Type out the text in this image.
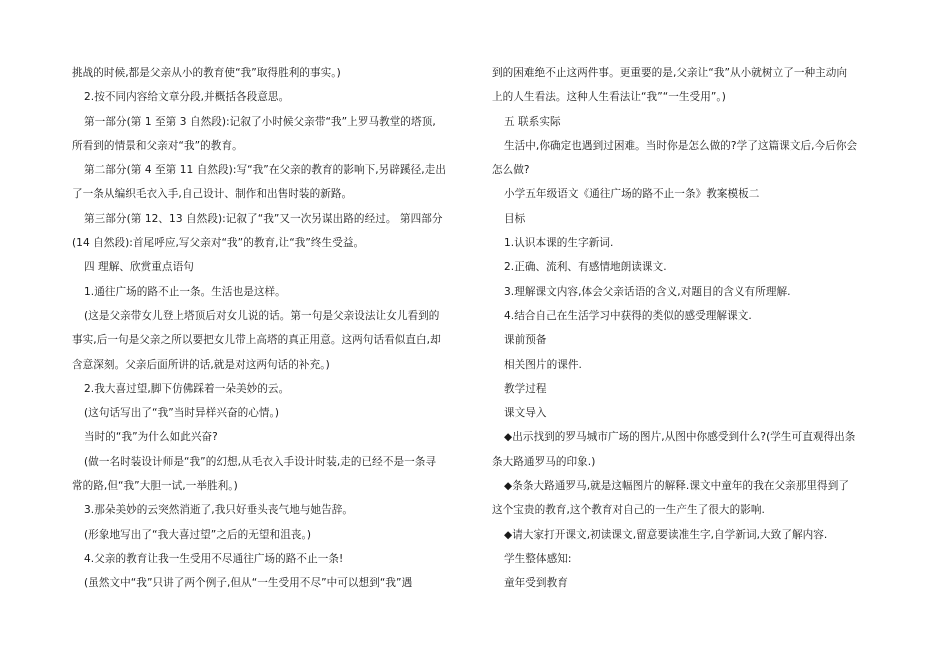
挑战的时候,都是父亲从小的教育使“我”取得胜利的事实。)
2.按不同内容给文章分段,并概括各段意思。
第一部分(第 1 至第 3 自然段):记叙了小时候父亲带“我”上罗马教堂的塔顶,
所看到的情景和父亲对“我”的教育。
第二部分(第 4 至第 11 自然段):写“我”在父亲的教育的影响下,另辟蹊径,走出
了一条从编织毛衣入手,自己设计、制作和出售时装的新路。
第三部分(第 12、13 自然段):记叙了“我”又一次另谋出路的经过。 第四部分
(14 自然段):首尾呼应,写父亲对“我”的教育,让“我”终生受益。
四 理解、欣赏重点语句
1.通往广场的路不止一条。生活也是这样。
(这是父亲带女儿登上塔顶后对女儿说的话。第一句是父亲设法让女儿看到的
事实,后一句是父亲之所以要把女儿带上高塔的真正用意。这两句话看似直白,却
含意深刻。父亲后面所讲的话,就是对这两句话的补充。)
2.我大喜过望,脚下仿佛踩着一朵美妙的云。
(这句话写出了“我”当时异样兴奋的心情。)
当时的“我”为什么如此兴奋?
(做一名时装设计师是“我”的幻想,从毛衣入手设计时装,走的已经不是一条寻
常的路,但“我”大胆一试,一举胜利。)
3.那朵美妙的云突然消逝了,我只好垂头丧气地与她告辞。
(形象地写出了“我大喜过望”之后的无望和沮丧。)
4.父亲的教育让我一生受用不尽通往广场的路不止一条!
(虽然文中“我”只讲了两个例子,但从“一生受用不尽”中可以想到“我”遇
到的困难绝不止这两件事。更重要的是,父亲让“我”从小就树立了一种主动向
上的人生看法。这种人生看法让“我”“一生受用”。)
五 联系实际
生活中,你确定也遇到过困难。当时你是怎么做的?学了这篇课文后,今后你会
怎么做?
小学五年级语文《通往广场的路不止一条》教案模板二
目标
1.认识本课的生字新词.
2.正确、流利、有感情地朗读课文.
3.理解课文内容,体会父亲话语的含义,对题目的含义有所理解.
4.结合自己在生活学习中获得的类似的感受理解课文.
课前预备
相关图片的课件.
教学过程
课文导入
◆出示找到的罗马城市广场的图片,从图中你感受到什么?(学生可直观得出条
条大路通罗马的印象.)
◆条条大路通罗马,就是这幅图片的解释.课文中童年的我在父亲那里得到了
这个宝贵的教育,这个教育对自己的一生产生了很大的影响.
◆请大家打开课文,初读课文,留意要读准生字,自学新词,大致了解内容.
学生整体感知:
童年受到教育
